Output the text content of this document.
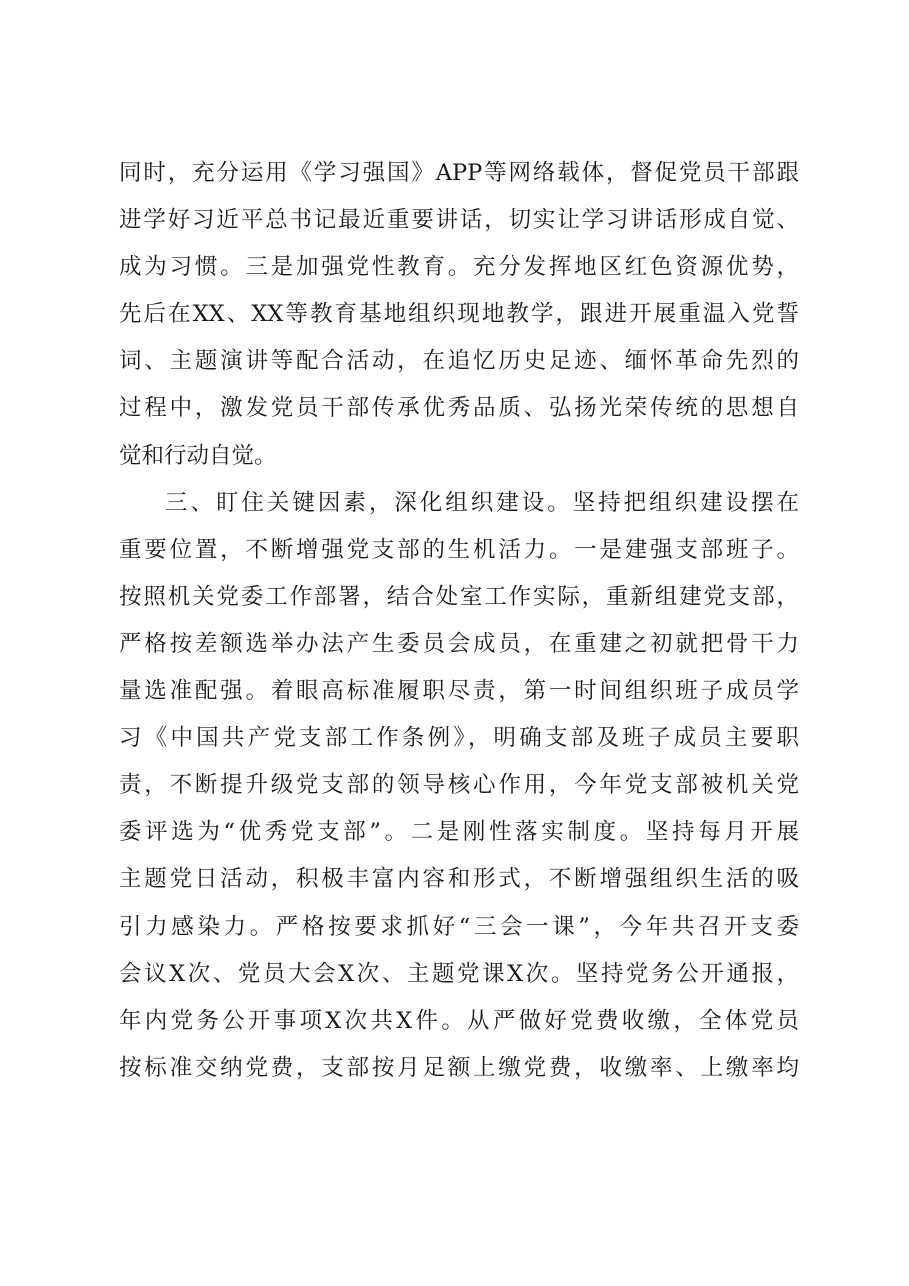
同时，充分运用《学习强国》APP等网络载体，督促党员干部跟
进学好习近平总书记最近重要讲话，切实让学习讲话形成自觉、
成为习惯。三是加强党性教育。充分发挥地区红色资源优势，
先后在XX、XX等教育基地组织现地教学，跟进开展重温入党誓
词、主题演讲等配合活动，在追忆历史足迹、缅怀革命先烈的
过程中，激发党员干部传承优秀品质、弘扬光荣传统的思想自
觉和行动自觉。
三、盯住关键因素，深化组织建设。坚持把组织建设摆在
重要位置，不断增强党支部的生机活力。一是建强支部班子。
按照机关党委工作部署，结合处室工作实际，重新组建党支部，
严格按差额选举办法产生委员会成员，在重建之初就把骨干力
量选准配强。着眼高标准履职尽责，第一时间组织班子成员学
习《中国共产党支部工作条例》，明确支部及班子成员主要职
责，不断提升级党支部的领导核心作用，今年党支部被机关党
委评选为“优秀党支部”。二是刚性落实制度。坚持每月开展
主题党日活动，积极丰富内容和形式，不断增强组织生活的吸
引力感染力。严格按要求抓好“三会一课”，今年共召开支委
会议X次、党员大会X次、主题党课X次。坚持党务公开通报，
年内党务公开事项X次共X件。从严做好党费收缴，全体党员
按标准交纳党费，支部按月足额上缴党费，收缴率、上缴率均
